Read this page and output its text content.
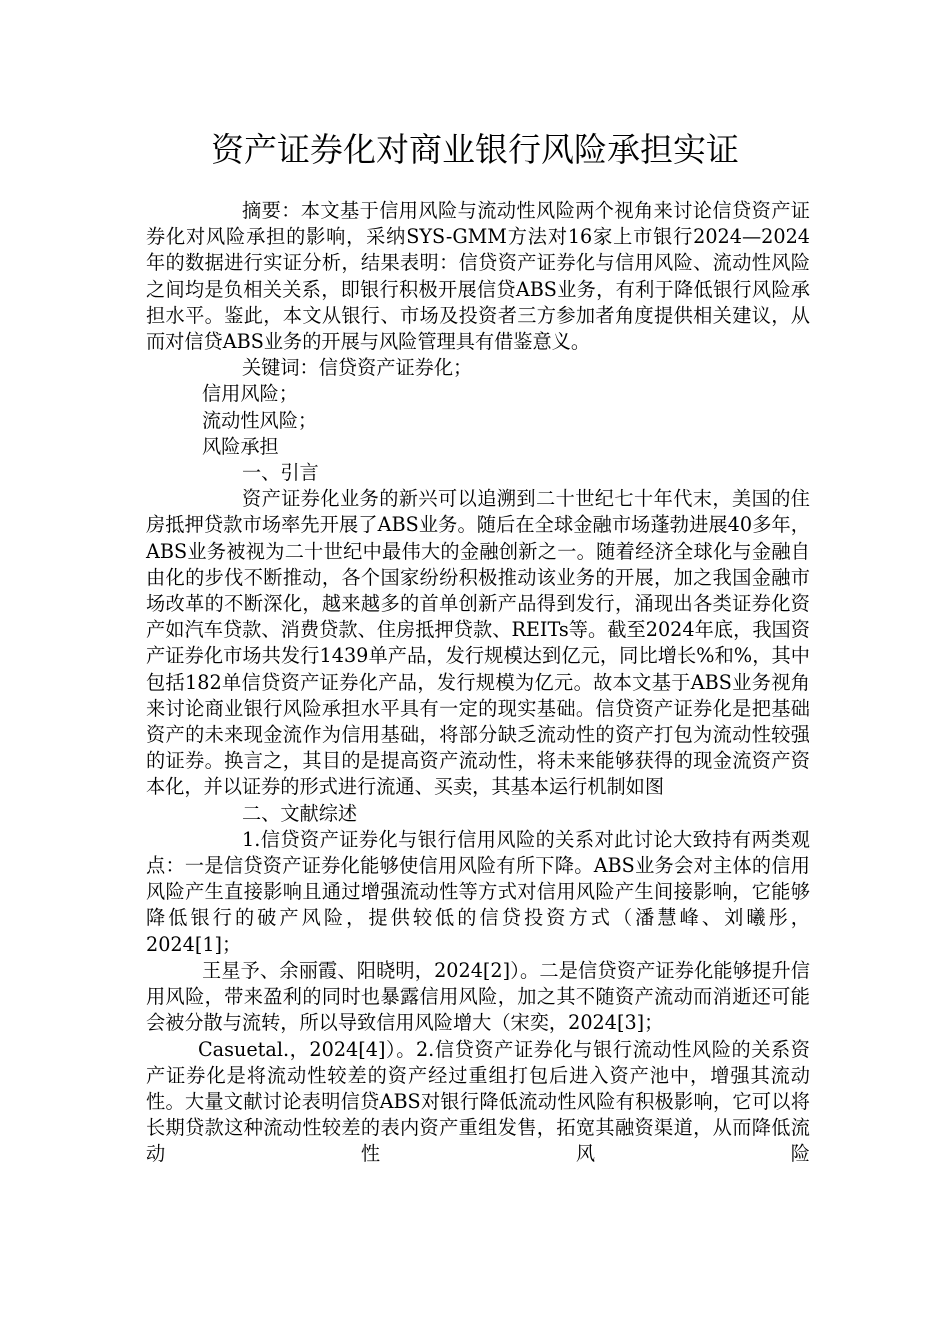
资产证券化对商业银行风险承担实证

摘要：本文基于信用风险与流动性风险两个视角来讨论信贷资产证券化对风险承担的影响，采纳SYS-GMM方法对16家上市银行2024—2024年的数据进行实证分析，结果表明：信贷资产证券化与信用风险、流动性风险之间均是负相关关系，即银行积极开展信贷ABS业务，有利于降低银行风险承担水平。鉴此，本文从银行、市场及投资者三方参加者角度提供相关建议，从而对信贷ABS业务的开展与风险管理具有借鉴意义。

关键词：信贷资产证券化；

信用风险；

流动性风险；

风险承担

一、引言

资产证券化业务的新兴可以追溯到二十世纪七十年代末，美国的住房抵押贷款市场率先开展了ABS业务。随后在全球金融市场蓬勃进展40多年，ABS业务被视为二十世纪中最伟大的金融创新之一。随着经济全球化与金融自由化的步伐不断推动，各个国家纷纷积极推动该业务的开展，加之我国金融市场改革的不断深化，越来越多的首单创新产品得到发行，涌现出各类证券化资产如汽车贷款、消费贷款、住房抵押贷款、REITs等。截至2024年底，我国资产证券化市场共发行1439单产品，发行规模达到亿元，同比增长%和%，其中包括182单信贷资产证券化产品，发行规模为亿元。故本文基于ABS业务视角来讨论商业银行风险承担水平具有一定的现实基础。信贷资产证券化是把基础资产的未来现金流作为信用基础，将部分缺乏流动性的资产打包为流动性较强的证券。换言之，其目的是提高资产流动性，将未来能够获得的现金流资产资本化，并以证券的形式进行流通、买卖，其基本运行机制如图

二、文献综述

1.信贷资产证券化与银行信用风险的关系对此讨论大致持有两类观点：一是信贷资产证券化能够使信用风险有所下降。ABS业务会对主体的信用风险产生直接影响且通过增强流动性等方式对信用风险产生间接影响，它能够降低银行的破产风险，提供较低的信贷投资方式（潘慧峰、刘曦彤，2024[1]；

王星予、余丽霞、阳晓明，2024[2]）。二是信贷资产证券化能够提升信用风险，带来盈利的同时也暴露信用风险，加之其不随资产流动而消逝还可能会被分散与流转，所以导致信用风险增大（宋奕，2024[3]；

Casuetal.，2024[4]）。2.信贷资产证券化与银行流动性风险的关系资产证券化是将流动性较差的资产经过重组打包后进入资产池中，增强其流动性。大量文献讨论表明信贷ABS对银行降低流动性风险有积极影响，它可以将长期贷款这种流动性较差的表内资产重组发售，拓宽其融资渠道，从而降低流动性风险
